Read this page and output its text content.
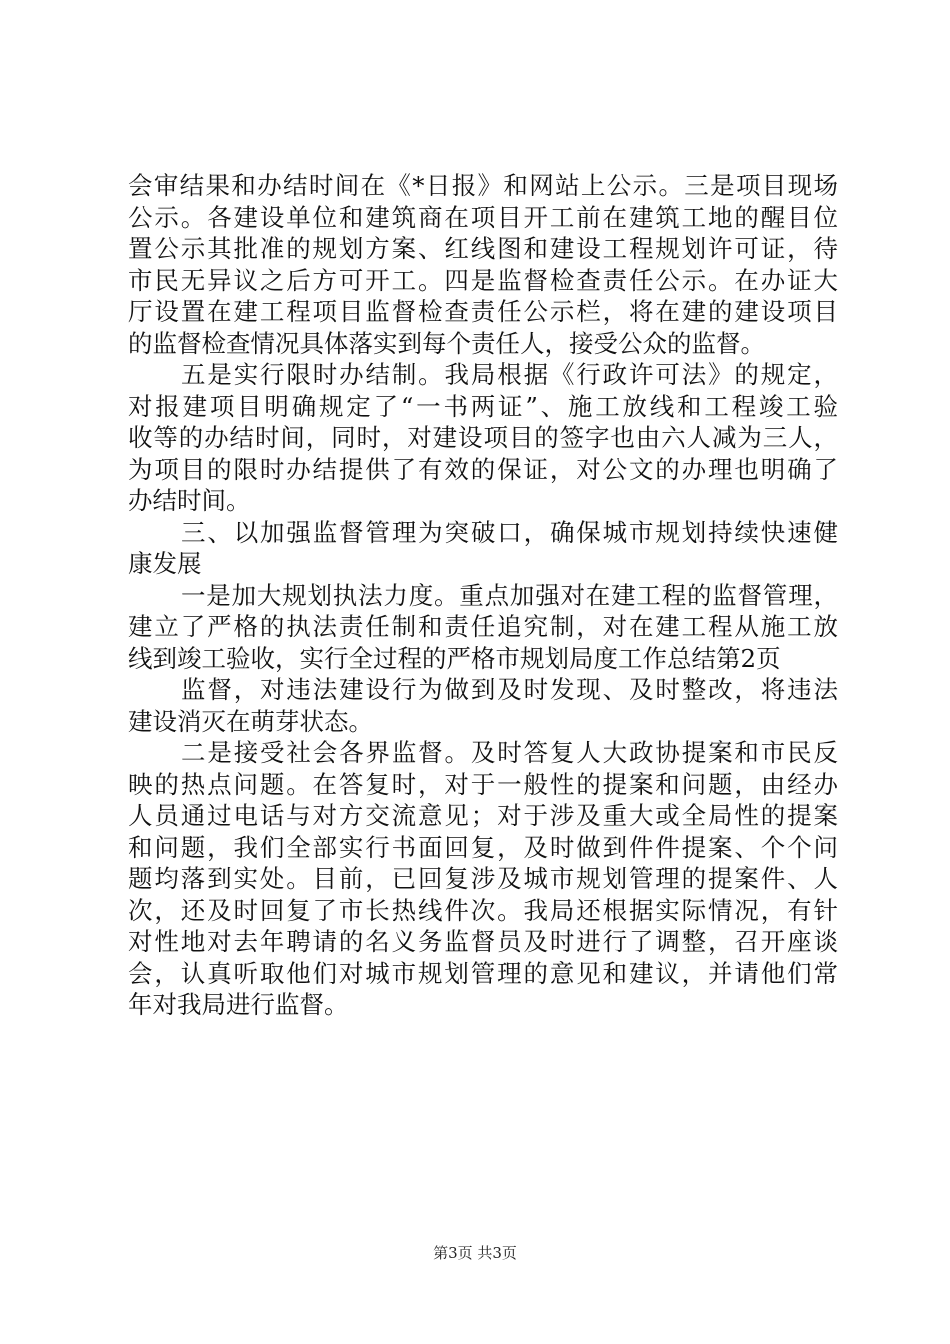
会审结果和办结时间在《*日报》和网站上公示。三是项目现场
公示。各建设单位和建筑商在项目开工前在建筑工地的醒目位
置公示其批准的规划方案、红线图和建设工程规划许可证，待
市民无异议之后方可开工。四是监督检查责任公示。在办证大
厅设置在建工程项目监督检查责任公示栏，将在建的建设项目
的监督检查情况具体落实到每个责任人，接受公众的监督。
五是实行限时办结制。我局根据《行政许可法》的规定，
对报建项目明确规定了“一书两证”、施工放线和工程竣工验
收等的办结时间，同时，对建设项目的签字也由六人减为三人，
为项目的限时办结提供了有效的保证，对公文的办理也明确了
办结时间。
三、以加强监督管理为突破口，确保城市规划持续快速健
康发展
一是加大规划执法力度。重点加强对在建工程的监督管理，
建立了严格的执法责任制和责任追究制，对在建工程从施工放
线到竣工验收，实行全过程的严格市规划局度工作总结第2页
监督，对违法建设行为做到及时发现、及时整改，将违法
建设消灭在萌芽状态。
二是接受社会各界监督。及时答复人大政协提案和市民反
映的热点问题。在答复时，对于一般性的提案和问题，由经办
人员通过电话与对方交流意见；对于涉及重大或全局性的提案
和问题，我们全部实行书面回复，及时做到件件提案、个个问
题均落到实处。目前，已回复涉及城市规划管理的提案件、人
次，还及时回复了市长热线件次。我局还根据实际情况，有针
对性地对去年聘请的名义务监督员及时进行了调整，召开座谈
会，认真听取他们对城市规划管理的意见和建议，并请他们常
年对我局进行监督。
第3页 共3页
